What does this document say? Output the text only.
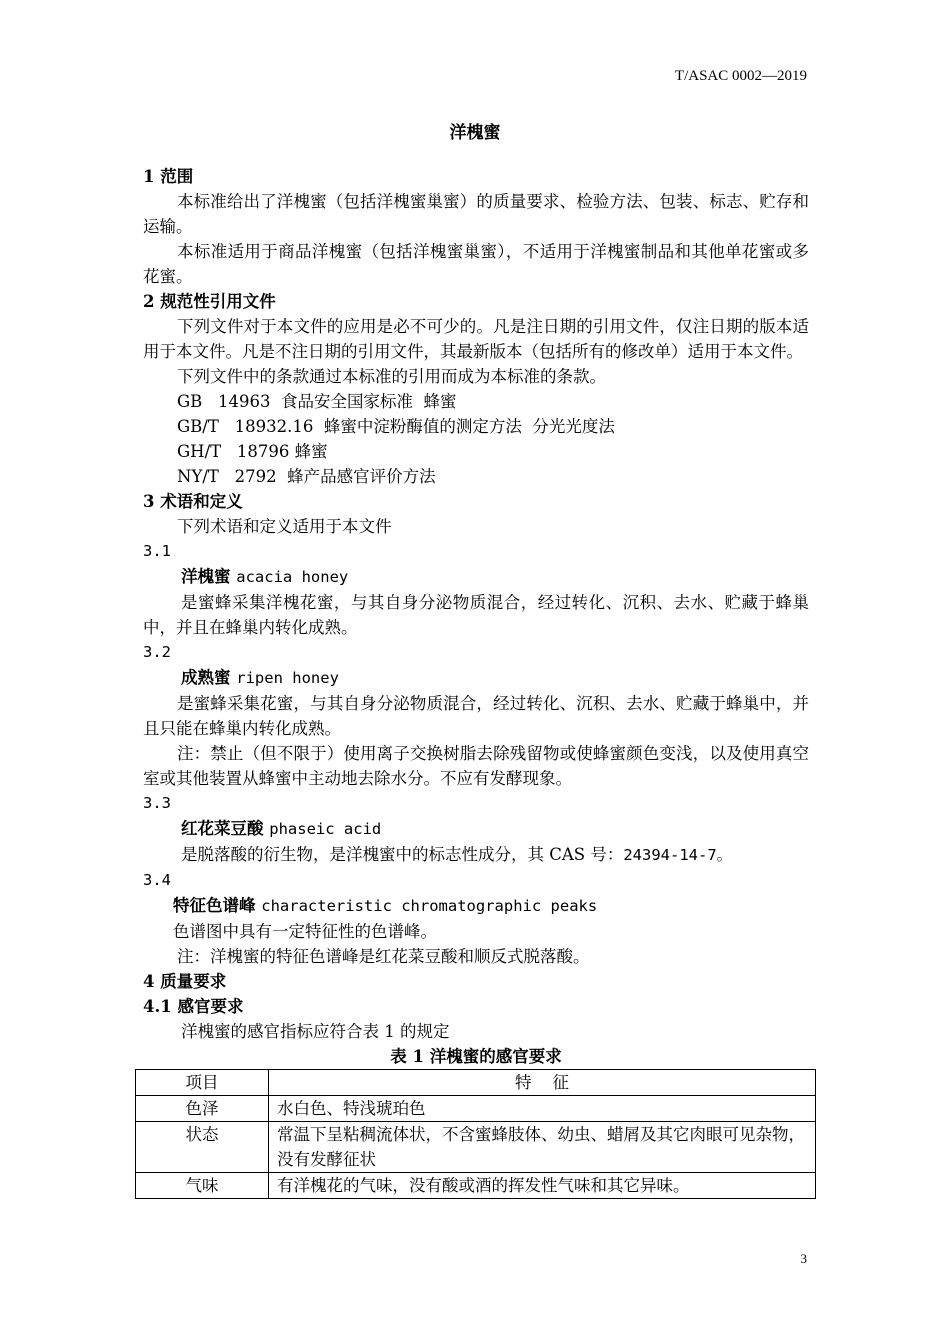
T/ASAC 0002—2019
洋槐蜜
1 范围
本标准给出了洋槐蜜（包括洋槐蜜巢蜜）的质量要求、检验方法、包装、标志、贮存和运输。
本标准适用于商品洋槐蜜（包括洋槐蜜巢蜜），不适用于洋槐蜜制品和其他单花蜜或多花蜜。
2 规范性引用文件
下列文件对于本文件的应用是必不可少的。凡是注日期的引用文件，仅注日期的版本适用于本文件。凡是不注日期的引用文件，其最新版本（包括所有的修改单）适用于本文件。
下列文件中的条款通过本标准的引用而成为本标准的条款。
GB   14963  食品安全国家标准  蜂蜜
GB/T   18932.16  蜂蜜中淀粉酶值的测定方法  分光光度法
GH/T   18796 蜂蜜
NY/T   2792  蜂产品感官评价方法
3 术语和定义
下列术语和定义适用于本文件
3.1
洋槐蜜 acacia honey
是蜜蜂采集洋槐花蜜，与其自身分泌物质混合，经过转化、沉积、去水、贮藏于蜂巢中，并且在蜂巢内转化成熟。
3.2
成熟蜜 ripen honey
是蜜蜂采集花蜜，与其自身分泌物质混合，经过转化、沉积、去水、贮藏于蜂巢中，并且只能在蜂巢内转化成熟。
注：禁止（但不限于）使用离子交换树脂去除残留物或使蜂蜜颜色变浅，以及使用真空室或其他装置从蜂蜜中主动地去除水分。不应有发酵现象。
3.3
红花菜豆酸 phaseic acid
是脱落酸的衍生物，是洋槐蜜中的标志性成分，其 CAS 号：24394-14-7。
3.4
特征色谱峰 characteristic chromatographic peaks
色谱图中具有一定特征性的色谱峰。
注：洋槐蜜的特征色谱峰是红花菜豆酸和顺反式脱落酸。
4 质量要求
4.1 感官要求
洋槐蜜的感官指标应符合表 1 的规定
表 1 洋槐蜜的感官要求
项目	特    征
色泽	水白色、特浅琥珀色
状态	常温下呈粘稠流体状，不含蜜蜂肢体、幼虫、蜡屑及其它肉眼可见杂物，没有发酵征状
气味	有洋槐花的气味，没有酸或酒的挥发性气味和其它异味。
3
